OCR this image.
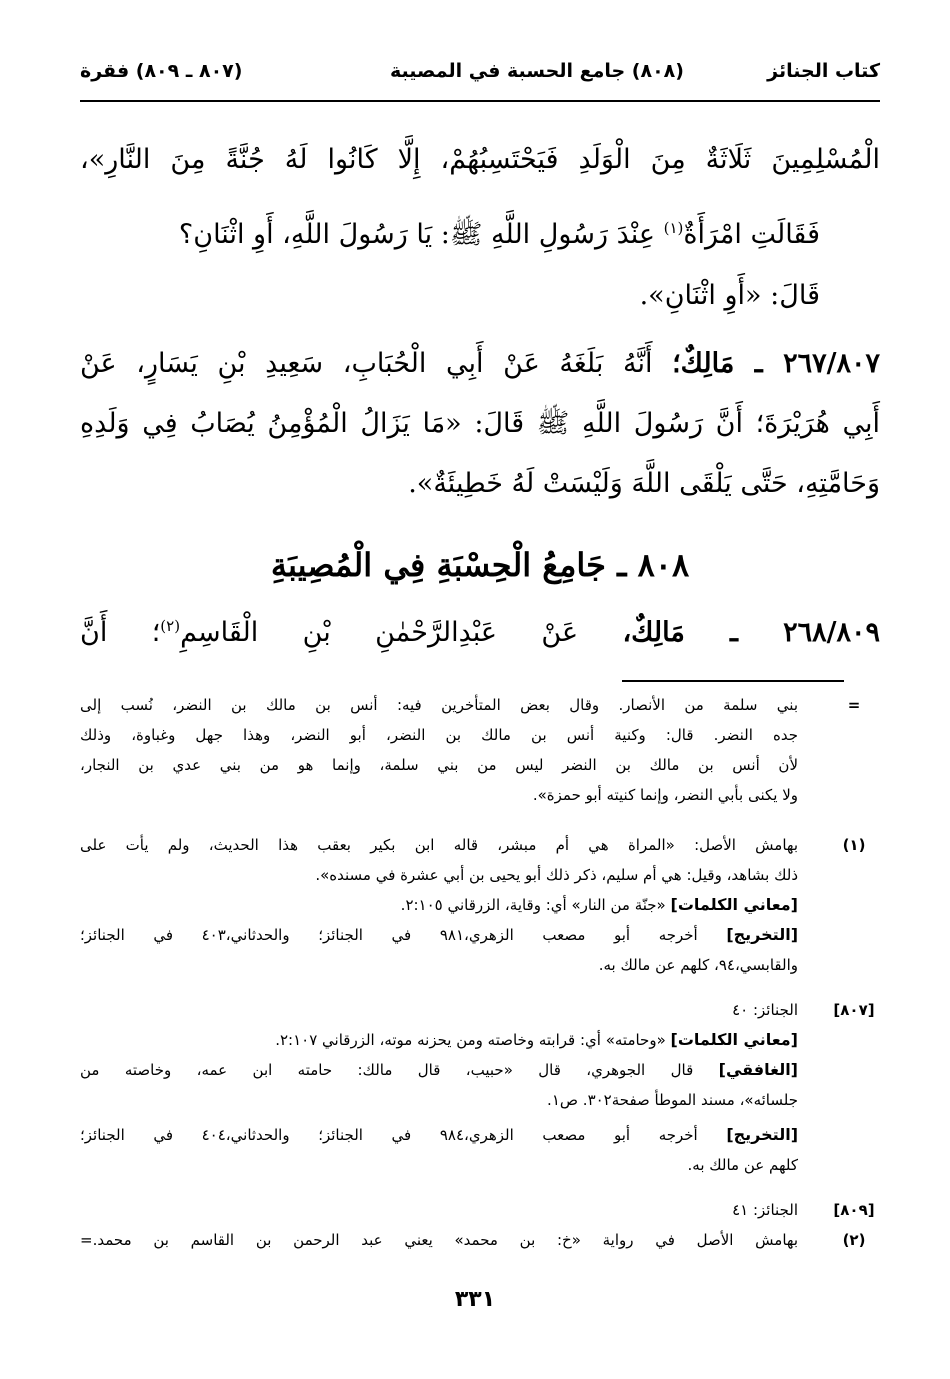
كتاب الجنائز
(٨٠٨) جامع الحسبة في المصيبة
(٨٠٧ ـ ٨٠٩) فقرة
الْمُسْلِمِينَ ثَلَاثَةٌ مِنَ الْوَلَدِ فَيَحْتَسِبُهُمْ، إِلَّا كَانُوا لَهُ جُنَّةً مِنَ النَّارِ»،
فَقَالَتِ امْرَأَةٌ$^{(١)}$ عِنْدَ رَسُولِ اللَّهِ ﷺ: يَا رَسُولَ اللَّهِ، أَوِ اثْنَانِ؟
قَالَ: «أَوِ اثْنَانِ».
٢٦٧/٨٠٧ ـ مَالِكٌ؛ أَنَّهُ بَلَغَهُ عَنْ أَبِي الْحُبَابِ، سَعِيدِ بْنِ يَسَارٍ، عَنْ
أَبِي هُرَيْرَةَ؛ أَنَّ رَسُولَ اللَّهِ ﷺ قَالَ: «مَا يَزَالُ الْمُؤْمِنُ يُصَابُ فِي وَلَدِهِ
وَحَامَّتِهِ، حَتَّى يَلْقَى اللَّهَ وَلَيْسَتْ لَهُ خَطِيئَةٌ».
٨٠٨ ـ جَامِعُ الْحِسْبَةِ فِي الْمُصِيبَةِ
٢٦٨/٨٠٩ ـ مَالِكٌ، عَنْ عَبْدِالرَّحْمٰنِ بْنِ الْقَاسِمِ$^{(٢)}$؛ أَنَّ
=
بني سلمة من الأنصار. وقال بعض المتأخرين فيه: أنس بن مالك بن النضر، نُسب إلى
جده النضر. قال: وكنية أنس بن مالك بن النضر، أبو النضر، وهذا جهل وغباوة، وذلك
لأن أنس بن مالك بن النضر ليس من بني سلمة، وإنما هو من بني عدي بن النجار،
ولا يكنى بأبي النضر، وإنما كنيته أبو حمزة».
(١)
بهامش الأصل: «المراة هي أم مبشر، قاله ابن بكير بعقب هذا الحديث، ولم يأت على
ذلك بشاهد، وقيل: هي أم سليم، ذكر ذلك أبو يحيى بن أبي عشرة في مسنده».
[معاني الكلمات] «جنّة من النار» أي: وقاية، الزرقاني ٢:١٠٥.
[التخريج] أخرجه أبو مصعب الزهري،٩٨١ في الجنائز؛ والحدثاني،٤٠٣ في الجنائز؛
والقابسي،٩٤، كلهم عن مالك به.
[٨٠٧]
الجنائز: ٤٠
[معاني الكلمات] «وحامته» أي: قرابته وخاصته ومن يحزنه موته، الزرقاني ٢:١٠٧.
[الغافقي] قال الجوهري، قال «حبيب، قال مالك: حامته ابن عمه، وخاصته من
جلسائه»، مسند الموطأ صفحة٣٠٢. ص١.
[التخريج] أخرجه أبو مصعب الزهري،٩٨٤ في الجنائز؛ والحدثاني،٤٠٤ في الجنائز؛
كلهم عن مالك به.
[٨٠٩]
الجنائز: ٤١
(٢)
بهامش الأصل في رواية «خ: بن محمد» يعني عبد الرحمن بن القاسم بن محمد.=
٣٣١
